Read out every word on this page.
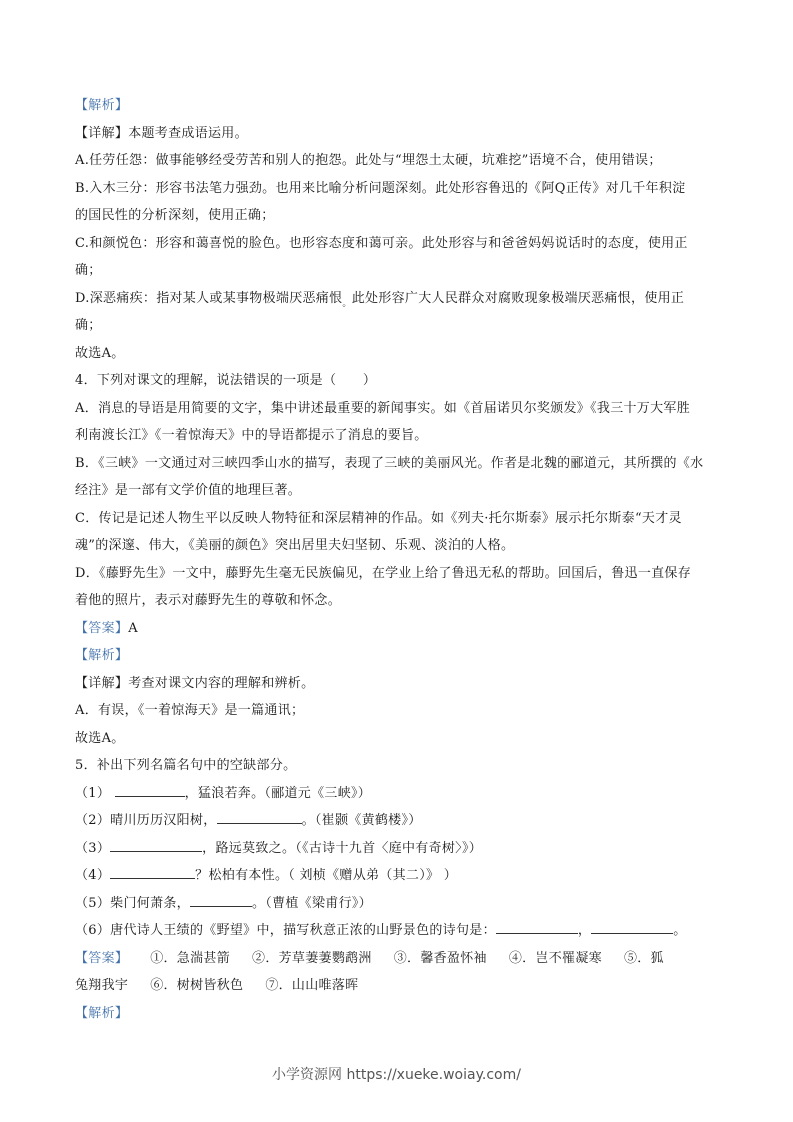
【解析】
【详解】本题考查成语运用。
A.任劳任怨：做事能够经受劳苦和别人的抱怨。此处与“埋怨土太硬，坑难挖”语境不合，使用错误；
B.入木三分：形容书法笔力强劲。也用来比喻分析问题深刻。此处形容鲁迅的《阿Q正传》对几千年积淀
的国民性的分析深刻，使用正确；
C.和颜悦色：形容和蔼喜悦的脸色。也形容态度和蔼可亲。此处形容与和爸爸妈妈说话时的态度，使用正
确；
D.深恶痛疾：指对某人或某事物极端厌恶痛恨$_。$此处形容广大人民群众对腐败现象极端厌恶痛恨，使用正
确；
故选A。
4．下列对课文的理解，说法错误的一项是（　　）
A．消息的导语是用简要的文字，集中讲述最重要的新闻事实。如《首届诺贝尔奖颁发》《我三十万大军胜
利南渡长江》《一着惊海天》中的导语都提示了消息的要旨。
B．《三峡》一文通过对三峡四季山水的描写，表现了三峡的美丽风光。作者是北魏的郦道元，其所撰的《水
经注》是一部有文学价值的地理巨著。
C．传记是记述人物生平以反映人物特征和深层精神的作品。如《列夫·托尔斯泰》展示托尔斯泰“天才灵
魂”的深邃、伟大，《美丽的颜色》突出居里夫妇坚韧、乐观、淡泊的人格。
D．《藤野先生》一文中，藤野先生毫无民族偏见，在学业上给了鲁迅无私的帮助。回国后，鲁迅一直保存
着他的照片，表示对藤野先生的尊敬和怀念。
【答案】A
【解析】
【详解】考查对课文内容的理解和辨析。
A．有误，《一着惊海天》是一篇通讯；
故选A。
5．补出下列名篇名句中的空缺部分。
（1）	，猛浪若奔。（郦道元《三峡》）
（2）晴川历历汉阳树，	。（崔颢《黄鹤楼》）
（3）	，路远莫致之。（《古诗十九首〈庭中有奇树〉》）
（4）	？松柏有本性。（ 刘桢《赠从弟（其二）》 ）
（5）柴门何萧条，	。（曹植《梁甫行》）
（6）唐代诗人王绩的《野望》中，描写秋意正浓的山野景色的诗句是：	，	。
【答案】 ①．急湍甚箭 ②．芳草萋萋鹦鹉洲 ③．馨香盈怀袖 ④．岂不罹凝寒 ⑤．狐
兔翔我宇 ⑥．树树皆秋色 ⑦．山山唯落晖
【解析】
小学资源网 https://xueke.woiay.com/
